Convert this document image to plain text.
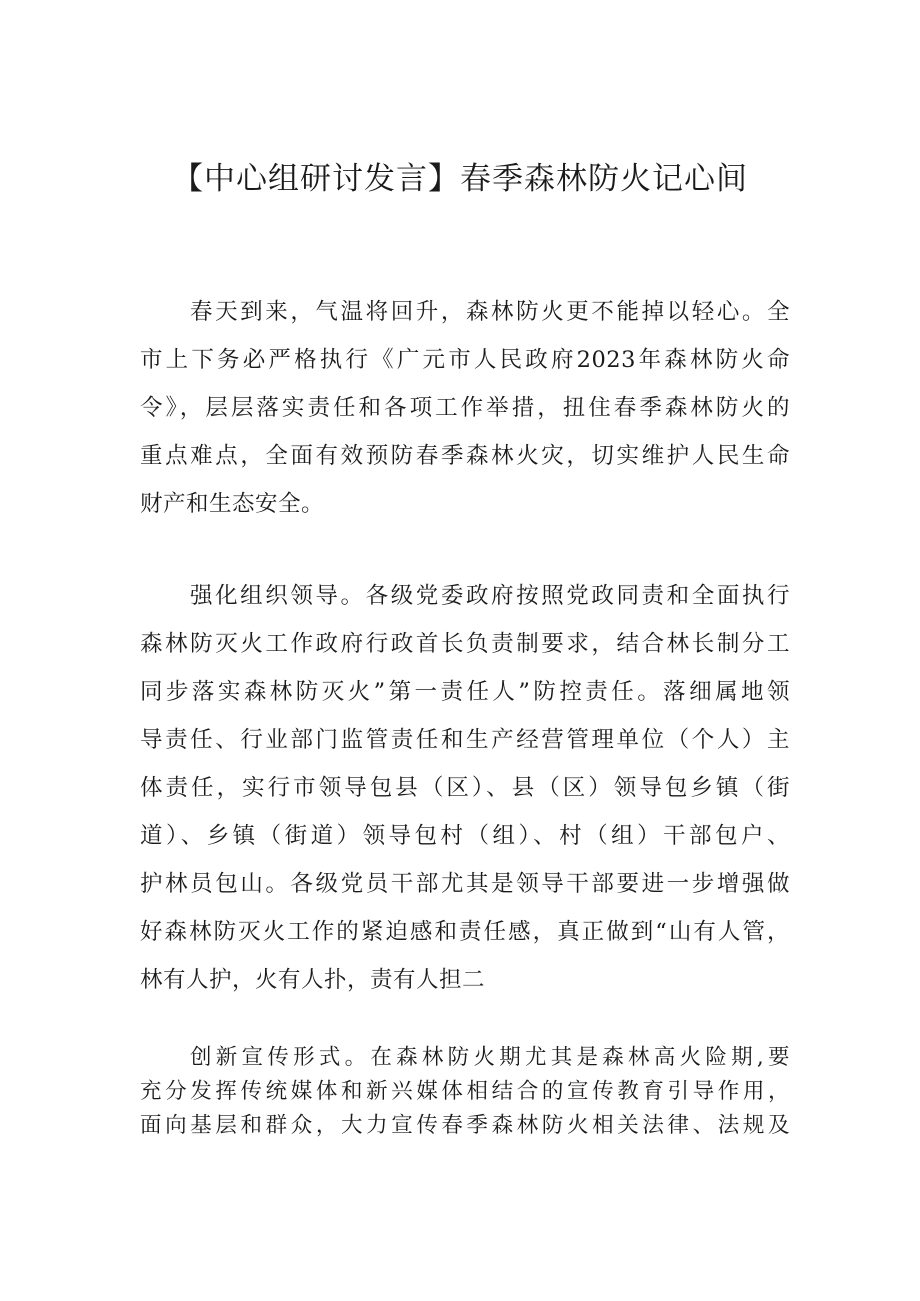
【中心组研讨发言】春季森林防火记心间
春天到来，气温将回升，森林防火更不能掉以轻心。全
市上下务必严格执行《广元市人民政府2023年森林防火命
令》，层层落实责任和各项工作举措，扭住春季森林防火的
重点难点，全面有效预防春季森林火灾，切实维护人民生命
财产和生态安全。
强化组织领导。各级党委政府按照党政同责和全面执行
森林防灭火工作政府行政首长负责制要求，结合林长制分工
同步落实森林防灭火”第一责任人”防控责任。落细属地领
导责任、行业部门监管责任和生产经营管理单位（个人）主
体责任，实行市领导包县（区）、县（区）领导包乡镇（街
道）、乡镇（街道）领导包村（组）、村（组）干部包户、
护林员包山。各级党员干部尤其是领导干部要进一步增强做
好森林防灭火工作的紧迫感和责任感，真正做到“山有人管，
林有人护，火有人扑，责有人担二
创新宣传形式。在森林防火期尤其是森林高火险期,要
充分发挥传统媒体和新兴媒体相结合的宣传教育引导作用，
面向基层和群众，大力宣传春季森林防火相关法律、法规及
